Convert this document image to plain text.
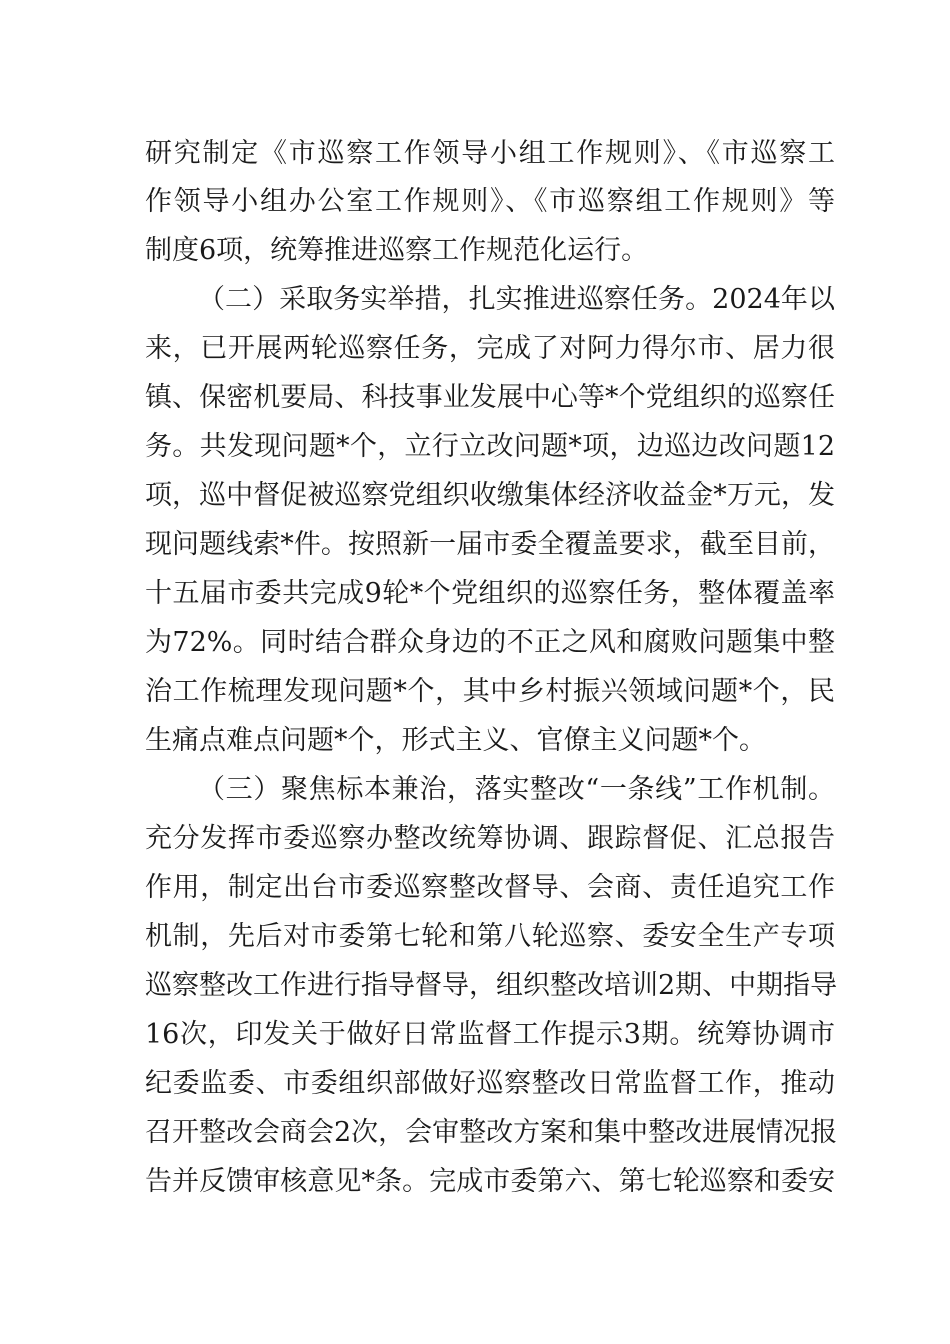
研究制定《市巡察工作领导小组工作规则》、《市巡察工
作领导小组办公室工作规则》、《市巡察组工作规则》等
制度6项，统筹推进巡察工作规范化运行。
（二）采取务实举措，扎实推进巡察任务。2024年以
来，已开展两轮巡察任务，完成了对阿力得尔市、居力很
镇、保密机要局、科技事业发展中心等*个党组织的巡察任
务。共发现问题*个，立行立改问题*项，边巡边改问题12
项，巡中督促被巡察党组织收缴集体经济收益金*万元，发
现问题线索*件。按照新一届市委全覆盖要求，截至目前，
十五届市委共完成9轮*个党组织的巡察任务，整体覆盖率
为72%。同时结合群众身边的不正之风和腐败问题集中整
治工作梳理发现问题*个，其中乡村振兴领域问题*个，民
生痛点难点问题*个，形式主义、官僚主义问题*个。
（三）聚焦标本兼治，落实整改“一条线”工作机制。
充分发挥市委巡察办整改统筹协调、跟踪督促、汇总报告
作用，制定出台市委巡察整改督导、会商、责任追究工作
机制，先后对市委第七轮和第八轮巡察、委安全生产专项
巡察整改工作进行指导督导，组织整改培训2期、中期指导
16次，印发关于做好日常监督工作提示3期。统筹协调市
纪委监委、市委组织部做好巡察整改日常监督工作，推动
召开整改会商会2次，会审整改方案和集中整改进展情况报
告并反馈审核意见*条。完成市委第六、第七轮巡察和委安
